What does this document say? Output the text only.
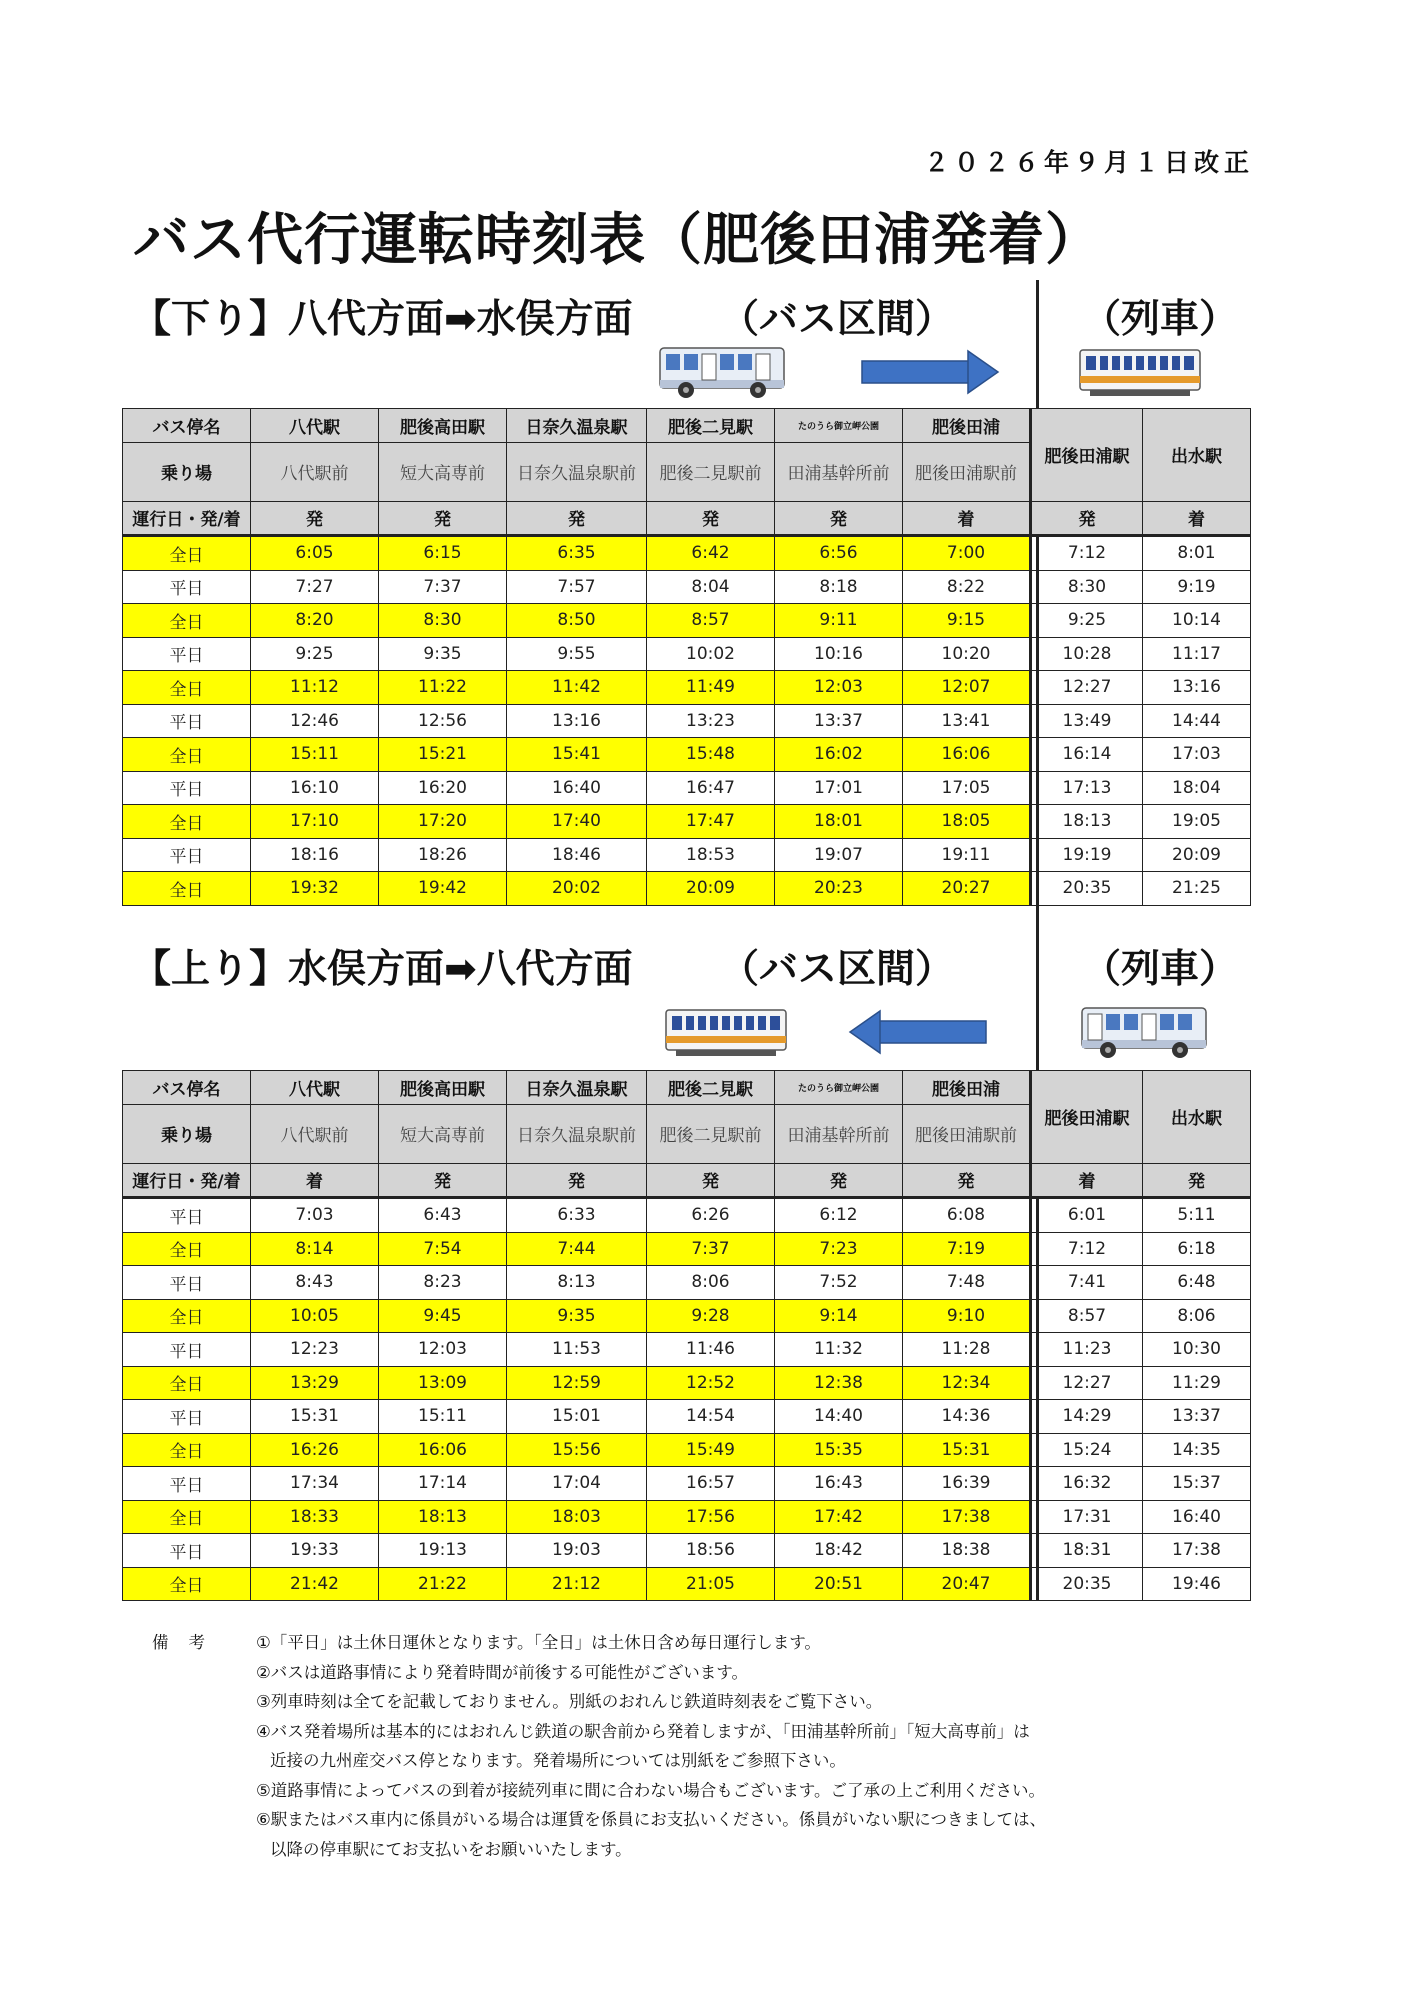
２０２６年９月１日改正
バス代行運転時刻表（肥後田浦発着）
【下り】八代方面➡水俣方面 （バス区間）	（列車）
バス停名	八代駅	肥後高田駅	日奈久温泉駅	肥後二見駅	たのうら御立岬公園	肥後田浦	肥後田浦駅	出水駅
乗り場	八代駅前	短大高専前	日奈久温泉駅前	肥後二見駅前	田浦基幹所前	肥後田浦駅前		
運行日・発/着	発	発	発	発	発	着	発	着
全日	6:05	6:15	6:35	6:42	6:56	7:00	7:12	8:01
平日	7:27	7:37	7:57	8:04	8:18	8:22	8:30	9:19
全日	8:20	8:30	8:50	8:57	9:11	9:15	9:25	10:14
平日	9:25	9:35	9:55	10:02	10:16	10:20	10:28	11:17
全日	11:12	11:22	11:42	11:49	12:03	12:07	12:27	13:16
平日	12:46	12:56	13:16	13:23	13:37	13:41	13:49	14:44
全日	15:11	15:21	15:41	15:48	16:02	16:06	16:14	17:03
平日	16:10	16:20	16:40	16:47	17:01	17:05	17:13	18:04
全日	17:10	17:20	17:40	17:47	18:01	18:05	18:13	19:05
平日	18:16	18:26	18:46	18:53	19:07	19:11	19:19	20:09
全日	19:32	19:42	20:02	20:09	20:23	20:27	20:35	21:25
【上り】水俣方面➡八代方面 （バス区間）	（列車）
バス停名	八代駅	肥後高田駅	日奈久温泉駅	肥後二見駅	たのうら御立岬公園	肥後田浦	肥後田浦駅	出水駅
乗り場	八代駅前	短大高専前	日奈久温泉駅前	肥後二見駅前	田浦基幹所前	肥後田浦駅前		
運行日・発/着	着	発	発	発	発	発	着	発
平日	7:03	6:43	6:33	6:26	6:12	6:08	6:01	5:11
全日	8:14	7:54	7:44	7:37	7:23	7:19	7:12	6:18
平日	8:43	8:23	8:13	8:06	7:52	7:48	7:41	6:48
全日	10:05	9:45	9:35	9:28	9:14	9:10	8:57	8:06
平日	12:23	12:03	11:53	11:46	11:32	11:28	11:23	10:30
全日	13:29	13:09	12:59	12:52	12:38	12:34	12:27	11:29
平日	15:31	15:11	15:01	14:54	14:40	14:36	14:29	13:37
全日	16:26	16:06	15:56	15:49	15:35	15:31	15:24	14:35
平日	17:34	17:14	17:04	16:57	16:43	16:39	16:32	15:37
全日	18:33	18:13	18:03	17:56	17:42	17:38	17:31	16:40
平日	19:33	19:13	19:03	18:56	18:42	18:38	18:31	17:38
全日	21:42	21:22	21:12	21:05	20:51	20:47	20:35	19:46
備考	①「平日」は土休日運休となります。「全日」は土休日含め毎日運行します。
②バスは道路事情により発着時間が前後する可能性がございます。
③列車時刻は全てを記載しておりません。別紙のおれんじ鉄道時刻表をご覧下さい。
④バス発着場所は基本的にはおれんじ鉄道の駅舎前から発着しますが、「田浦基幹所前」「短大高専前」は
近接の九州産交バス停となります。発着場所については別紙をご参照下さい。
⑤道路事情によってバスの到着が接続列車に間に合わない場合もございます。ご了承の上ご利用ください。
⑥駅またはバス車内に係員がいる場合は運賃を係員にお支払いください。係員がいない駅につきましては、
以降の停車駅にてお支払いをお願いいたします。
